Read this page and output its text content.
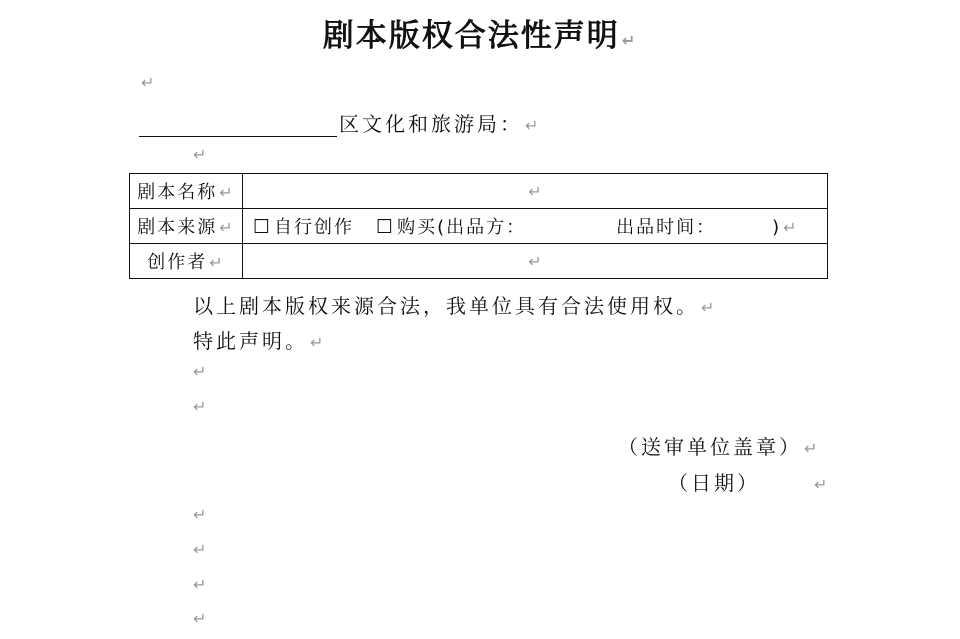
剧本版权合法性声明 ↵
↵
区文化和旅游局： ↵
↵
剧本名称 ↵	↵
剧本来源 ↵	☐ 自行创作 ☐ 购买(出品方： 出品时间： ) ↵
创作者 ↵	↵
以上剧本版权来源合法，我单位具有合法使用权。 ↵
特此声明。 ↵
↵
↵
（送审单位盖章） ↵
（日期）	↵
↵
↵
↵
↵
